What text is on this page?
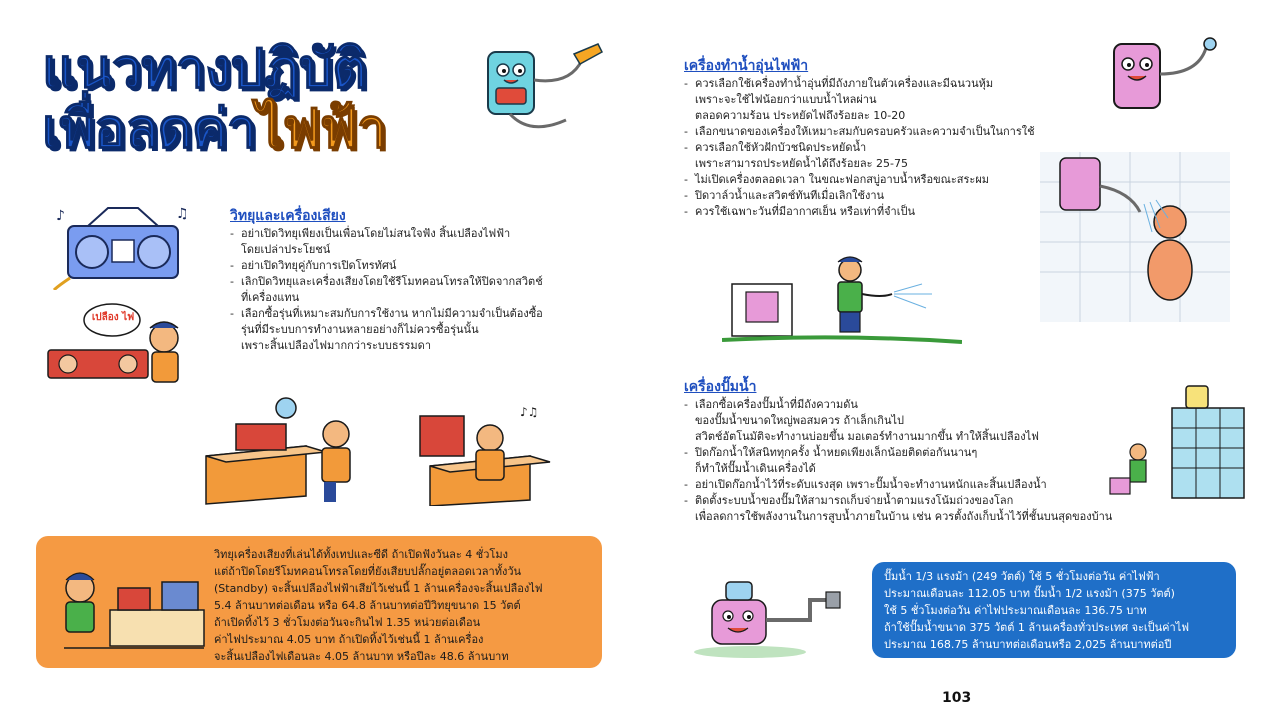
แนวทางปฏิบัติ
เพื่อลดค่าไฟฟ้า
♪	♫
เปลือง ไฟ
วิทยุและเครื่องเสียง
- อย่าเปิดวิทยุเพียงเป็นเพื่อนโดยไม่สนใจฟัง สิ้นเปลืองไฟฟ้า
โดยเปล่าประโยชน์
- อย่าเปิดวิทยุคู่กับการเปิดโทรทัศน์
- เลิกปิดวิทยุและเครื่องเสียงโดยใช้รีโมทคอนโทรลให้ปิดจากสวิตช์
ที่เครื่องแทน
- เลือกซื้อรุ่นที่เหมาะสมกับการใช้งาน หากไม่มีความจำเป็นต้องซื้อ
รุ่นที่มีระบบการทำงานหลายอย่างก็ไม่ควรซื้อรุ่นนั้น
เพราะสิ้นเปลืองไฟมากกว่าระบบธรรมดา
♪♫
วิทยุเครื่องเสียงที่เล่นได้ทั้งเทปและซีดี ถ้าเปิดฟังวันละ 4 ชั่วโมง
แต่ถ้าปิดโดยรีโมทคอนโทรลโดยที่ยังเสียบปลั๊กอยู่ตลอดเวลาทั้งวัน
(Standby) จะสิ้นเปลืองไฟฟ้าเสียไว้เช่นนี้ 1 ล้านเครื่องจะสิ้นเปลืองไฟ
5.4 ล้านบาทต่อเดือน หรือ 64.8 ล้านบาทต่อปีวิทยุขนาด 15 วัตต์
ถ้าเปิดทิ้งไว้ 3 ชั่วโมงต่อวันจะกินไฟ 1.35 หน่วยต่อเดือน
ค่าไฟประมาณ 4.05 บาท ถ้าเปิดทิ้งไว้เช่นนี้ 1 ล้านเครื่อง
จะสิ้นเปลืองไฟเดือนละ 4.05 ล้านบาท หรือปีละ 48.6 ล้านบาท
เครื่องทำน้ำอุ่นไฟฟ้า
- ควรเลือกใช้เครื่องทำน้ำอุ่นที่มีถังภายในตัวเครื่องและมีฉนวนหุ้ม
เพราะจะใช้ไฟน้อยกว่าแบบน้ำไหลผ่าน
ตลอดความร้อน ประหยัดไฟถึงร้อยละ 10-20
- เลือกขนาดของเครื่องให้เหมาะสมกับครอบครัวและความจำเป็นในการใช้
- ควรเลือกใช้หัวฝักบัวชนิดประหยัดน้ำ
เพราะสามารถประหยัดน้ำได้ถึงร้อยละ 25-75
- ไม่เปิดเครื่องตลอดเวลา ในขณะฟอกสบู่อาบน้ำหรือขณะสระผม
- ปิดวาล์วน้ำและสวิตช์ทันทีเมื่อเลิกใช้งาน
- ควรใช้เฉพาะวันที่มีอากาศเย็น หรือเท่าที่จำเป็น
เครื่องปั๊มน้ำ
- เลือกซื้อเครื่องปั๊มน้ำที่มีถังความดัน
ของปั๊มน้ำขนาดใหญ่พอสมควร ถ้าเล็กเกินไป
สวิตช์อัตโนมัติจะทำงานบ่อยขึ้น มอเตอร์ทำงานมากขึ้น ทำให้สิ้นเปลืองไฟ
- ปิดก๊อกน้ำให้สนิททุกครั้ง น้ำหยดเพียงเล็กน้อยติดต่อกันนานๆ
ก็ทำให้ปั๊มน้ำเดินเครื่องได้
- อย่าเปิดก๊อกน้ำไว้ที่ระดับแรงสุด เพราะปั๊มน้ำจะทำงานหนักและสิ้นเปลืองน้ำ
- ติดตั้งระบบน้ำของปั๊มให้สามารถเก็บจ่ายน้ำตามแรงโน้มถ่วงของโลก
เพื่อลดการใช้พลังงานในการสูบน้ำภายในบ้าน เช่น ควรตั้งถังเก็บน้ำไว้ที่ชั้นบนสุดของบ้าน
ปั๊มน้ำ 1/3 แรงม้า (249 วัตต์) ใช้ 5 ชั่วโมงต่อวัน ค่าไฟฟ้า
ประมาณเดือนละ 112.05 บาท ปั๊มน้ำ 1/2 แรงม้า (375 วัตต์)
ใช้ 5 ชั่วโมงต่อวัน ค่าไฟประมาณเดือนละ 136.75 บาท
ถ้าใช้ปั๊มน้ำขนาด 375 วัตต์ 1 ล้านเครื่องทั่วประเทศ จะเป็นค่าไฟ
ประมาณ 168.75 ล้านบาทต่อเดือนหรือ 2,025 ล้านบาทต่อปี
103
